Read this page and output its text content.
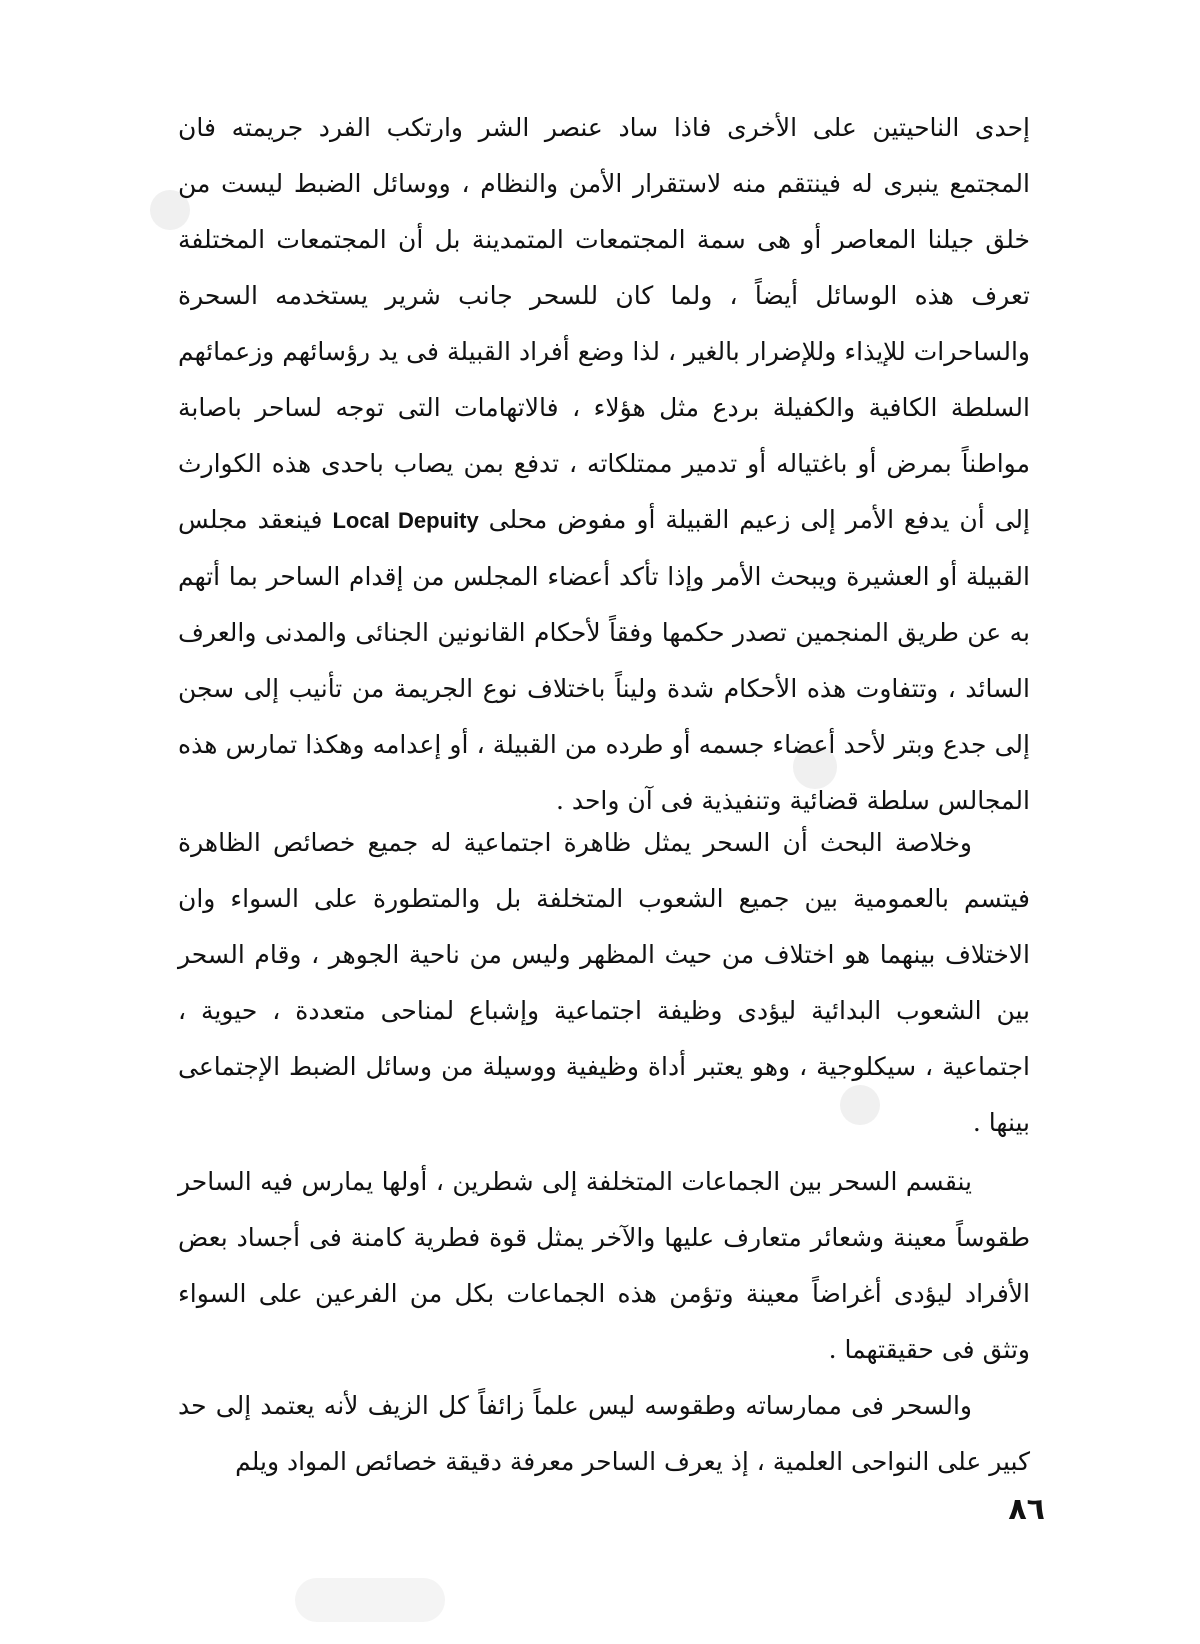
إحدى الناحيتين على الأخرى فاذا ساد عنصر الشر وارتكب الفرد جريمته فان المجتمع ينبرى له فينتقم منه لاستقرار الأمن والنظام ، ووسائل الضبط ليست من خلق جيلنا المعاصر أو هى سمة المجتمعات المتمدينة بل أن المجتمعات المختلفة تعرف هذه الوسائل أيضاً ، ولما كان للسحر جانب شرير يستخدمه السحرة والساحرات للإيذاء وللإضرار بالغير ، لذا وضع أفراد القبيلة فى يد رؤسائهم وزعمائهم السلطة الكافية والكفيلة بردع مثل هؤلاء ، فالاتهامات التى توجه لساحر باصابة مواطناً بمرض أو باغتياله أو تدمير ممتلكاته ، تدفع بمن يصاب باحدى هذه الكوارث إلى أن يدفع الأمر إلى زعيم القبيلة أو مفوض محلى Local Depuity فينعقد مجلس القبيلة أو العشيرة ويبحث الأمر وإذا تأكد أعضاء المجلس من إقدام الساحر بما أتهم به عن طريق المنجمين تصدر حكمها وفقاً لأحكام القانونين الجنائى والمدنى والعرف السائد ، وتتفاوت هذه الأحكام شدة وليناً باختلاف نوع الجريمة من تأنيب إلى سجن إلى جدع وبتر لأحد أعضاء جسمه أو طرده من القبيلة ، أو إعدامه وهكذا تمارس هذه المجالس سلطة قضائية وتنفيذية فى آن واحد .

وخلاصة البحث أن السحر يمثل ظاهرة اجتماعية له جميع خصائص الظاهرة فيتسم بالعمومية بين جميع الشعوب المتخلفة بل والمتطورة على السواء وان الاختلاف بينهما هو اختلاف من حيث المظهر وليس من ناحية الجوهر ، وقام السحر بين الشعوب البدائية ليؤدى وظيفة اجتماعية وإشباع لمناحى متعددة ، حيوية ، اجتماعية ، سيكلوجية ، وهو يعتبر أداة وظيفية ووسيلة من وسائل الضبط الإجتماعى بينها .

ينقسم السحر بين الجماعات المتخلفة إلى شطرين ، أولها يمارس فيه الساحر طقوساً معينة وشعائر متعارف عليها والآخر يمثل قوة فطرية كامنة فى أجساد بعض الأفراد ليؤدى أغراضاً معينة وتؤمن هذه الجماعات بكل من الفرعين على السواء وتثق فى حقيقتهما .

والسحر فى ممارساته وطقوسه ليس علماً زائفاً كل الزيف لأنه يعتمد إلى حد كبير على النواحى العلمية ، إذ يعرف الساحر معرفة دقيقة خصائص المواد ويلم

٨٦
